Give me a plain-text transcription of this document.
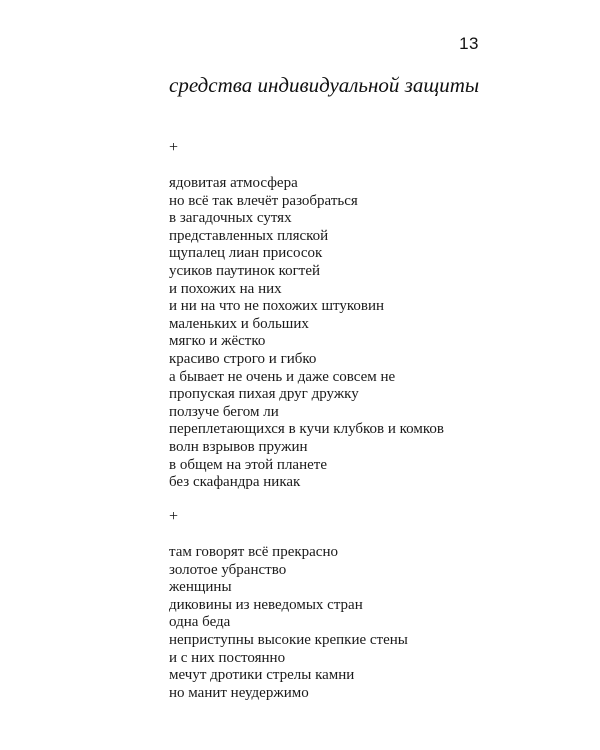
13
средства индивидуальной защиты
+
ядовитая атмосфера
но всё так влечёт разобраться
в загадочных сутях
представленных пляской
щупалец лиан присосок
усиков паутинок когтей
и похожих на них
и ни на что не похожих штуковин
маленьких и больших
мягко и жёстко
красиво строго и гибко
а бывает не очень и даже совсем не
пропуская пихая друг дружку
ползуче бегом ли
переплетающихся в кучи клубков и комков
волн взрывов пружин
в общем на этой планете
без скафандра никак
+
там говорят всё прекрасно
золотое убранство
женщины
диковины из неведомых стран
одна беда
неприступны высокие крепкие стены
и с них постоянно
мечут дротики стрелы камни
но манит неудержимо
